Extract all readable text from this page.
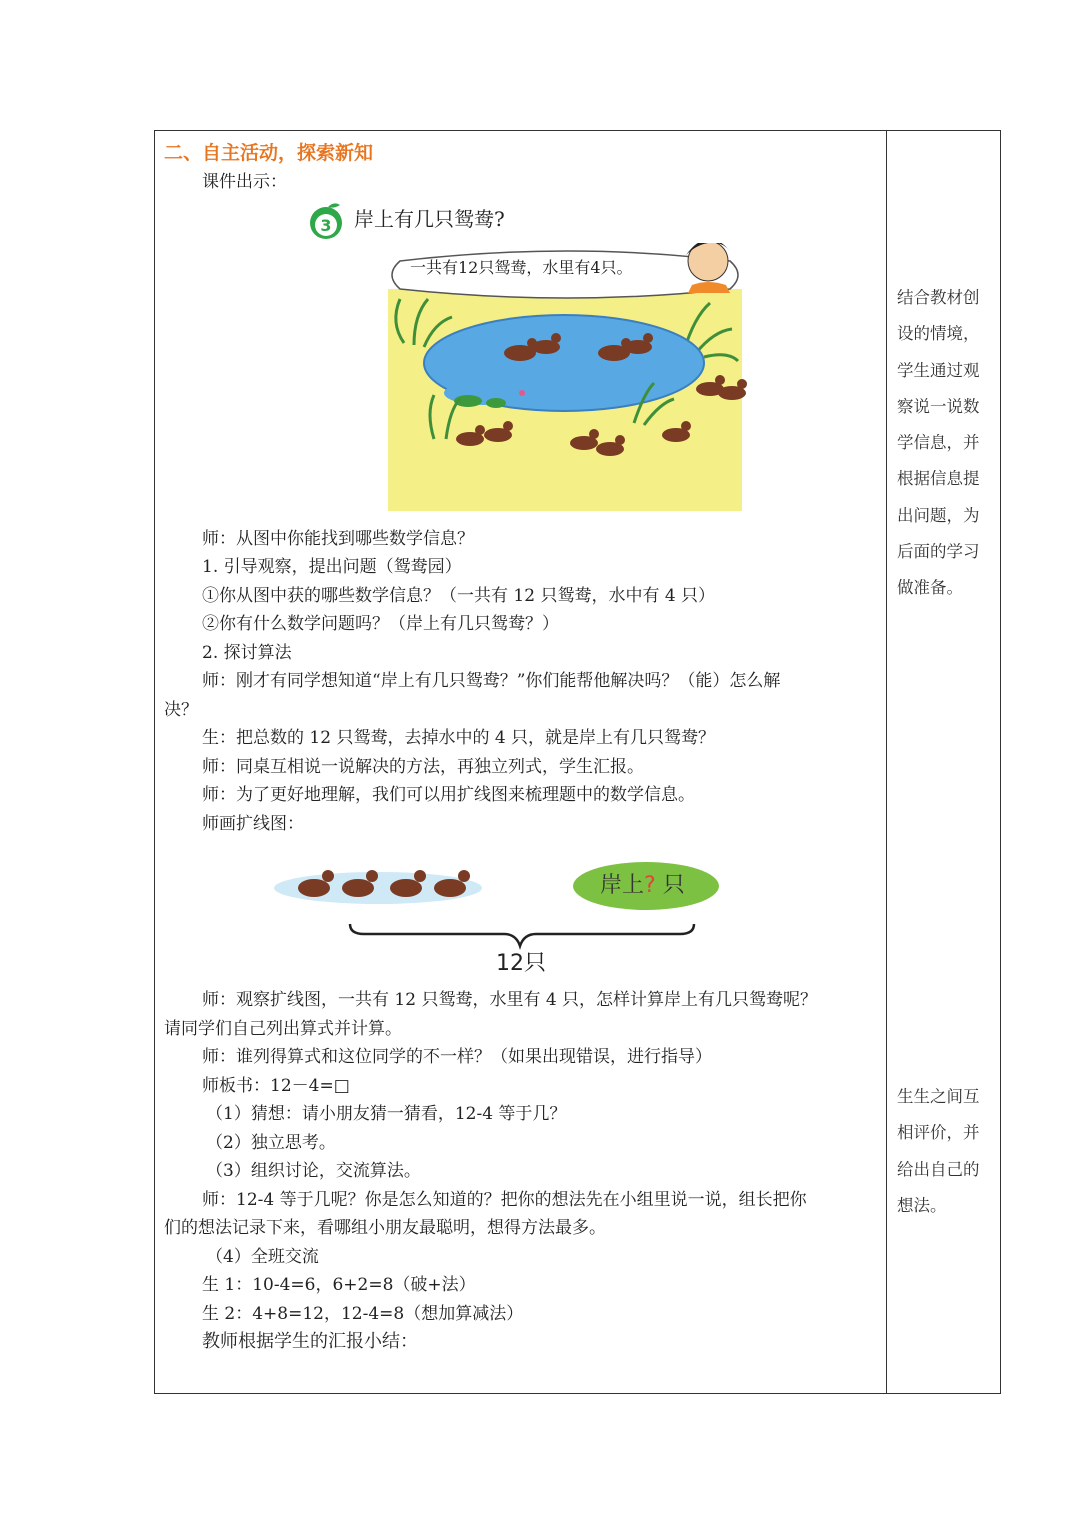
二、自主活动，探索新知
课件出示：
3 岸上有几只鸳鸯?
一共有12只鸳鸯，水里有4只。
师：从图中你能找到哪些数学信息？
1. 引导观察，提出问题（鸳鸯园）
①你从图中获的哪些数学信息？（一共有 12 只鸳鸯，水中有 4 只）
②你有什么数学问题吗？（岸上有几只鸳鸯？）
2. 探讨算法
师：刚才有同学想知道“岸上有几只鸳鸯？”你们能帮他解决吗？（能）怎么解
决？
生：把总数的 12 只鸳鸯，去掉水中的 4 只，就是岸上有几只鸳鸯？
师：同桌互相说一说解决的方法，再独立列式，学生汇报。
师：为了更好地理解，我们可以用扩线图来梳理题中的数学信息。
师画扩线图：
岸上? 只
12只
师：观察扩线图，一共有 12 只鸳鸯，水里有 4 只，怎样计算岸上有几只鸳鸯呢？
请同学们自己列出算式并计算。
师：谁列得算式和这位同学的不一样？（如果出现错误，进行指导）
师板书：12－4=□
（1）猜想：请小朋友猜一猜看，12-4 等于几？
（2）独立思考。
（3）组织讨论，交流算法。
师：12-4 等于几呢？你是怎么知道的？把你的想法先在小组里说一说，组长把你
们的想法记录下来，看哪组小朋友最聪明，想得方法最多。
（4）全班交流
生 1：10-4=6，6+2=8（破+法）
生 2：4+8=12，12-4=8（想加算减法）
教师根据学生的汇报小结：
结合教材创
设的情境，
学生通过观
察说一说数
学信息，并
根据信息提
出问题，为
后面的学习
做准备。
生生之间互
相评价，并
给出自己的
想法。
